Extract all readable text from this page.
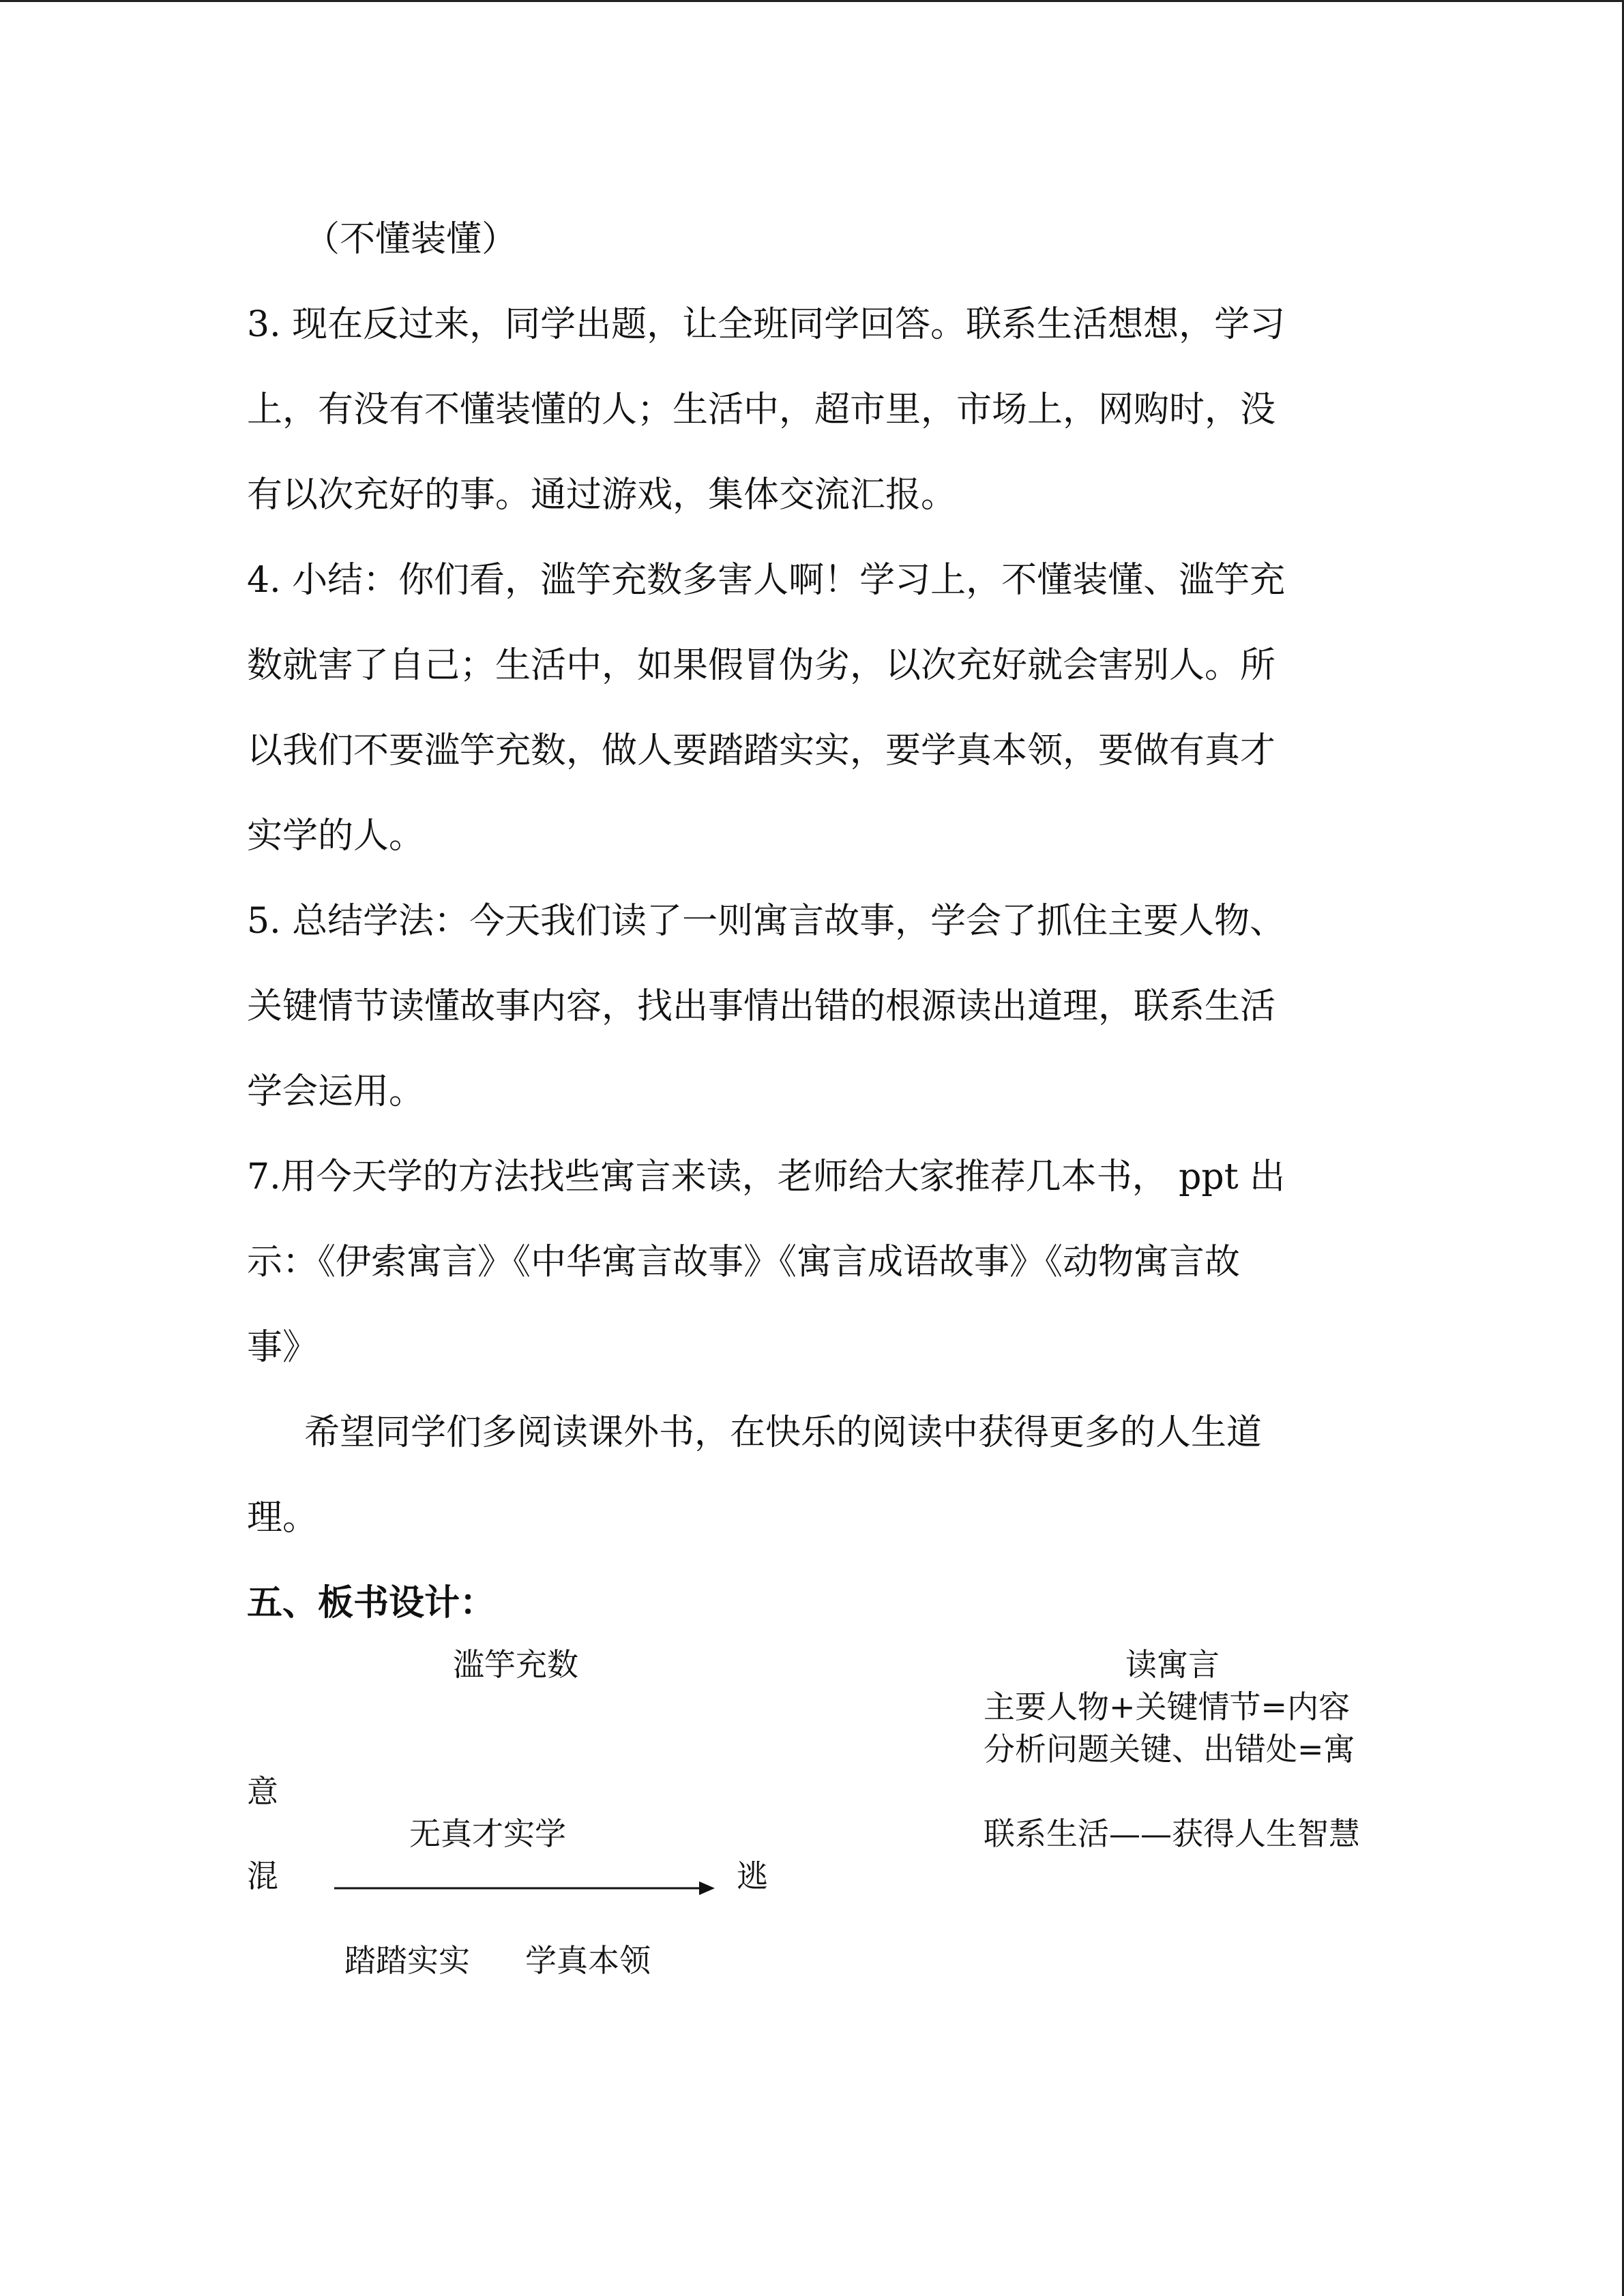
（不懂装懂）
3. 现在反过来，同学出题，让全班同学回答。联系生活想想，学习
上，有没有不懂装懂的人；生活中，超市里，市场上，网购时，没
有以次充好的事。通过游戏，集体交流汇报。
4. 小结：你们看，滥竽充数多害人啊！学习上，不懂装懂、滥竽充
数就害了自己；生活中，如果假冒伪劣，以次充好就会害别人。所
以我们不要滥竽充数，做人要踏踏实实，要学真本领，要做有真才
实学的人。
5. 总结学法：今天我们读了一则寓言故事，学会了抓住主要人物、
关键情节读懂故事内容，找出事情出错的根源读出道理，联系生活
学会运用。
7.用今天学的方法找些寓言来读，老师给大家推荐几本书， ppt 出
示：《伊索寓言》《中华寓言故事》《寓言成语故事》《动物寓言故
事》
希望同学们多阅读课外书，在快乐的阅读中获得更多的人生道
理。
五、板书设计：
滥竽充数	读寓言
主要人物+关键情节=内容
分析问题关键、出错处=寓
意
无真才实学	联系生活——获得人生智慧
混	逃
踏踏实实 学真本领
